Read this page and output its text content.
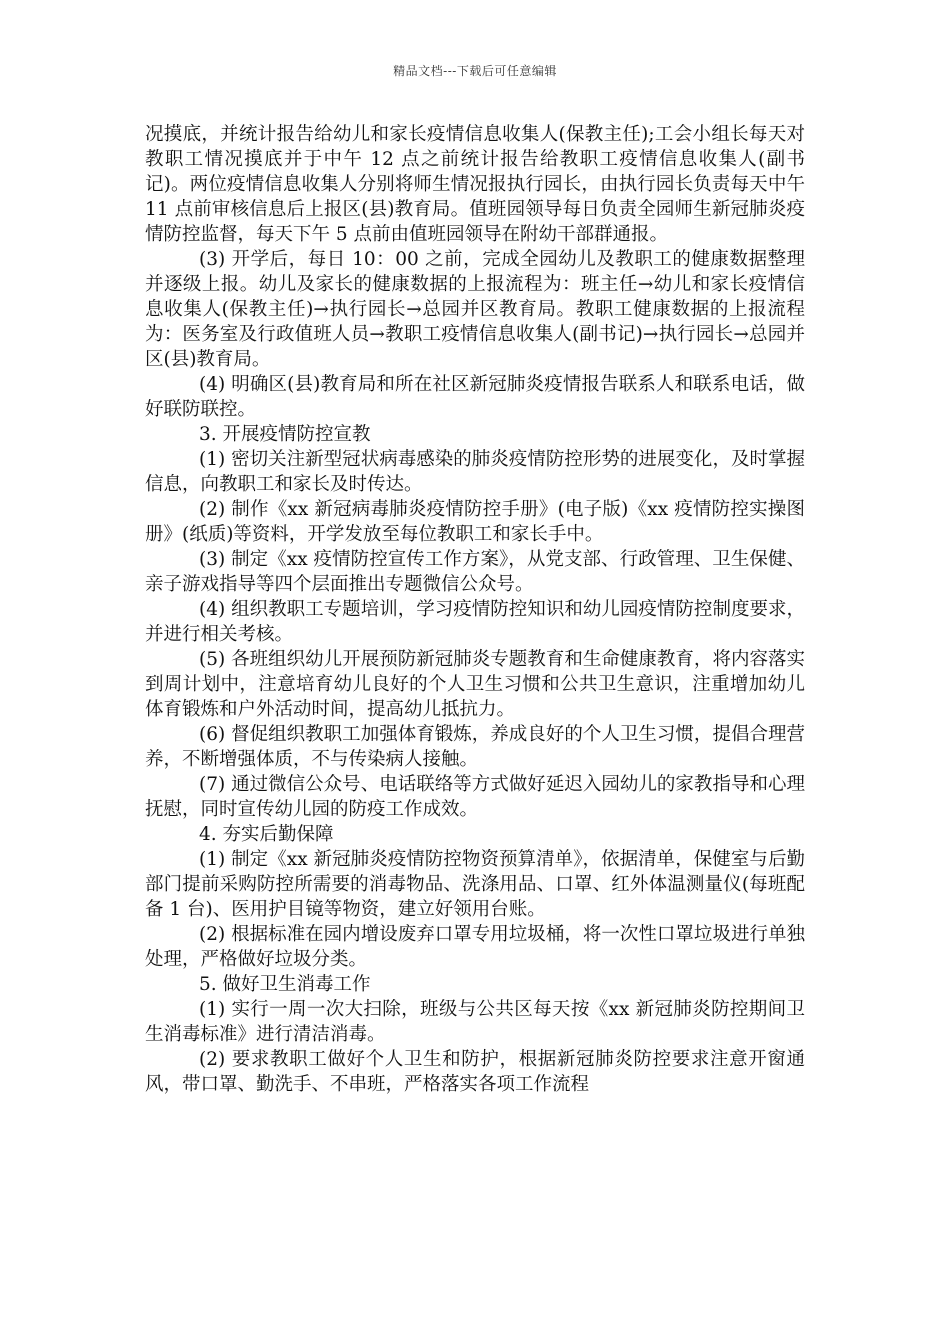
精品文档---下载后可任意编辑

况摸底，并统计报告给幼儿和家长疫情信息收集人(保教主任);工会小组长每天对教职工情况摸底并于中午 12 点之前统计报告给教职工疫情信息收集人(副书记)。两位疫情信息收集人分别将师生情况报执行园长，由执行园长负责每天中午 11 点前审核信息后上报区(县)教育局。值班园领导每日负责全园师生新冠肺炎疫情防控监督，每天下午 5 点前由值班园领导在附幼干部群通报。

(3) 开学后，每日 10：00 之前，完成全园幼儿及教职工的健康数据整理并逐级上报。幼儿及家长的健康数据的上报流程为：班主任→幼儿和家长疫情信息收集人(保教主任)→执行园长→总园并区教育局。教职工健康数据的上报流程为：医务室及行政值班人员→教职工疫情信息收集人(副书记)→执行园长→总园并区(县)教育局。

(4) 明确区(县)教育局和所在社区新冠肺炎疫情报告联系人和联系电话，做好联防联控。

3. 开展疫情防控宣教

(1) 密切关注新型冠状病毒感染的肺炎疫情防控形势的进展变化，及时掌握信息，向教职工和家长及时传达。

(2) 制作《xx 新冠病毒肺炎疫情防控手册》(电子版)《xx 疫情防控实操图册》(纸质)等资料，开学发放至每位教职工和家长手中。

(3) 制定《xx 疫情防控宣传工作方案》，从党支部、行政管理、卫生保健、亲子游戏指导等四个层面推出专题微信公众号。

(4) 组织教职工专题培训，学习疫情防控知识和幼儿园疫情防控制度要求，并进行相关考核。

(5) 各班组织幼儿开展预防新冠肺炎专题教育和生命健康教育，将内容落实到周计划中，注意培育幼儿良好的个人卫生习惯和公共卫生意识，注重增加幼儿体育锻炼和户外活动时间，提高幼儿抵抗力。

(6) 督促组织教职工加强体育锻炼，养成良好的个人卫生习惯，提倡合理营养，不断增强体质，不与传染病人接触。

(7) 通过微信公众号、电话联络等方式做好延迟入园幼儿的家教指导和心理抚慰，同时宣传幼儿园的防疫工作成效。

4. 夯实后勤保障

(1) 制定《xx 新冠肺炎疫情防控物资预算清单》，依据清单，保健室与后勤部门提前采购防控所需要的消毒物品、洗涤用品、口罩、红外体温测量仪(每班配备 1 台)、医用护目镜等物资，建立好领用台账。

(2) 根据标准在园内增设废弃口罩专用垃圾桶，将一次性口罩垃圾进行单独处理，严格做好垃圾分类。

5. 做好卫生消毒工作

(1) 实行一周一次大扫除，班级与公共区每天按《xx 新冠肺炎防控期间卫生消毒标准》进行清洁消毒。

(2) 要求教职工做好个人卫生和防护，根据新冠肺炎防控要求注意开窗通风，带口罩、勤洗手、不串班，严格落实各项工作流程
